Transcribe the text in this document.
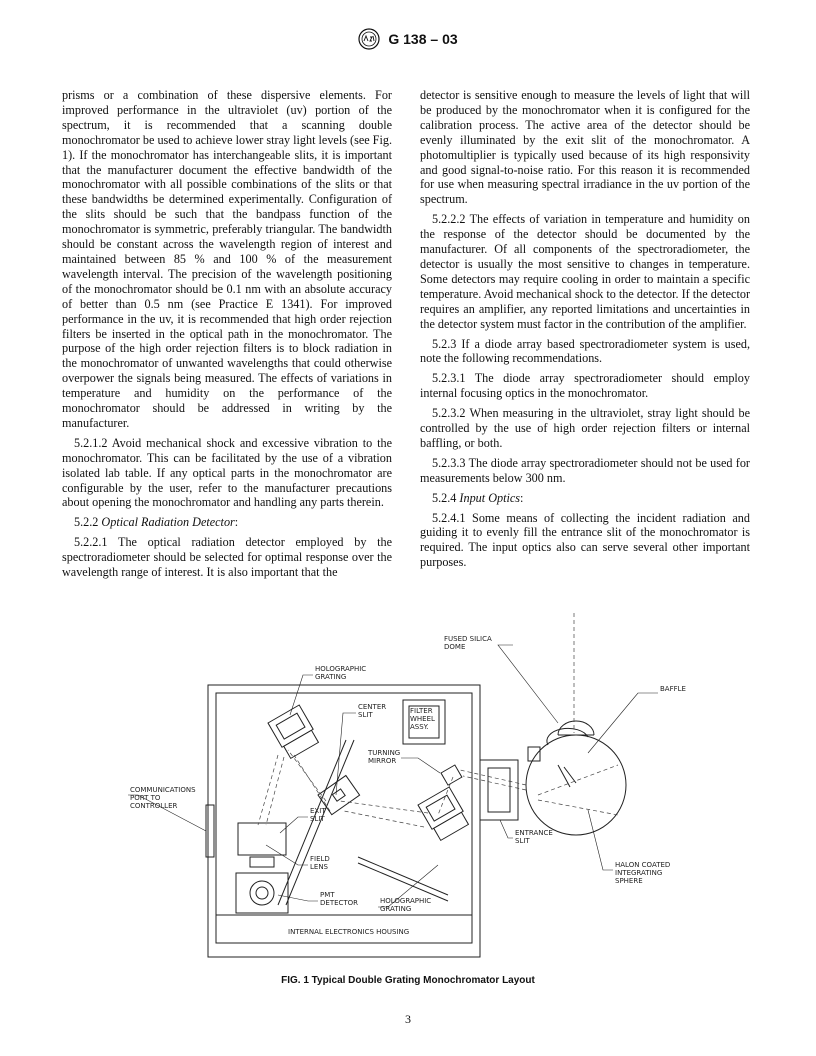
G 138 – 03

prisms or a combination of these dispersive elements. For improved performance in the ultraviolet (uv) portion of the spectrum, it is recommended that a scanning double monochromator be used to achieve lower stray light levels (see Fig. 1). If the monochromator has interchangeable slits, it is important that the manufacturer document the effective bandwidth of the monochromator with all possible combinations of the slits or that these bandwidths be determined experimentally. Configuration of the slits should be such that the bandpass function of the monochromator is symmetric, preferably triangular. The bandwidth should be constant across the wavelength region of interest and maintained between 85 % and 100 % of the measurement wavelength interval. The precision of the wavelength positioning of the monochromator should be 0.1 nm with an absolute accuracy of better than 0.5 nm (see Practice E 1341). For improved performance in the uv, it is recommended that high order rejection filters be inserted in the optical path in the monochromator. The purpose of the high order rejection filters is to block radiation in the monochromator of unwanted wavelengths that could otherwise overpower the signals being measured. The effects of variations in temperature and humidity on the performance of the monochromator should be addressed in writing by the manufacturer.

5.2.1.2 Avoid mechanical shock and excessive vibration to the monochromator. This can be facilitated by the use of a vibration isolated lab table. If any optical parts in the monochromator are configurable by the user, refer to the manufacturer precautions about opening the monochromator and handling any parts therein.

5.2.2 Optical Radiation Detector:

5.2.2.1 The optical radiation detector employed by the spectroradiometer should be selected for optimal response over the wavelength range of interest. It is also important that the

detector is sensitive enough to measure the levels of light that will be produced by the monochromator when it is configured for the calibration process. The active area of the detector should be evenly illuminated by the exit slit of the monochromator. A photomultiplier is typically used because of its high responsivity and good signal-to-noise ratio. For this reason it is recommended for use when measuring spectral irradiance in the uv portion of the spectrum.

5.2.2.2 The effects of variation in temperature and humidity on the response of the detector should be documented by the manufacturer. Of all components of the spectroradiometer, the detector is usually the most sensitive to changes in temperature. Some detectors may require cooling in order to maintain a specific temperature. Avoid mechanical shock to the detector. If the detector requires an amplifier, any reported limitations and uncertainties in the detector system must factor in the contribution of the amplifier.

5.2.3 If a diode array based spectroradiometer system is used, note the following recommendations.

5.2.3.1 The diode array spectroradiometer should employ internal focusing optics in the monochromator.

5.2.3.2 When measuring in the ultraviolet, stray light should be controlled by the use of high order rejection filters or internal baffling, or both.

5.2.3.3 The diode array spectroradiometer should not be used for measurements below 300 nm.

5.2.4 Input Optics:

5.2.4.1 Some means of collecting the incident radiation and guiding it to evenly fill the entrance slit of the monochromator is required. The input optics also can serve several other important purposes.

HOLOGRAPHIC GRATING
CENTER SLIT	FILTER WHEEL ASSY.
FUSED SILICA DOME
BAFFLE
TURNING MIRROR
COMMUNICATIONS PORT TO CONTROLLER
EXIT SLIT
ENTRANCE SLIT
FIELD LENS
PMT DETECTOR	HOLOGRAPHIC GRATING
HALON COATED INTEGRATING SPHERE
INTERNAL ELECTRONICS HOUSING
FIG. 1 Typical Double Grating Monochromator Layout
3
